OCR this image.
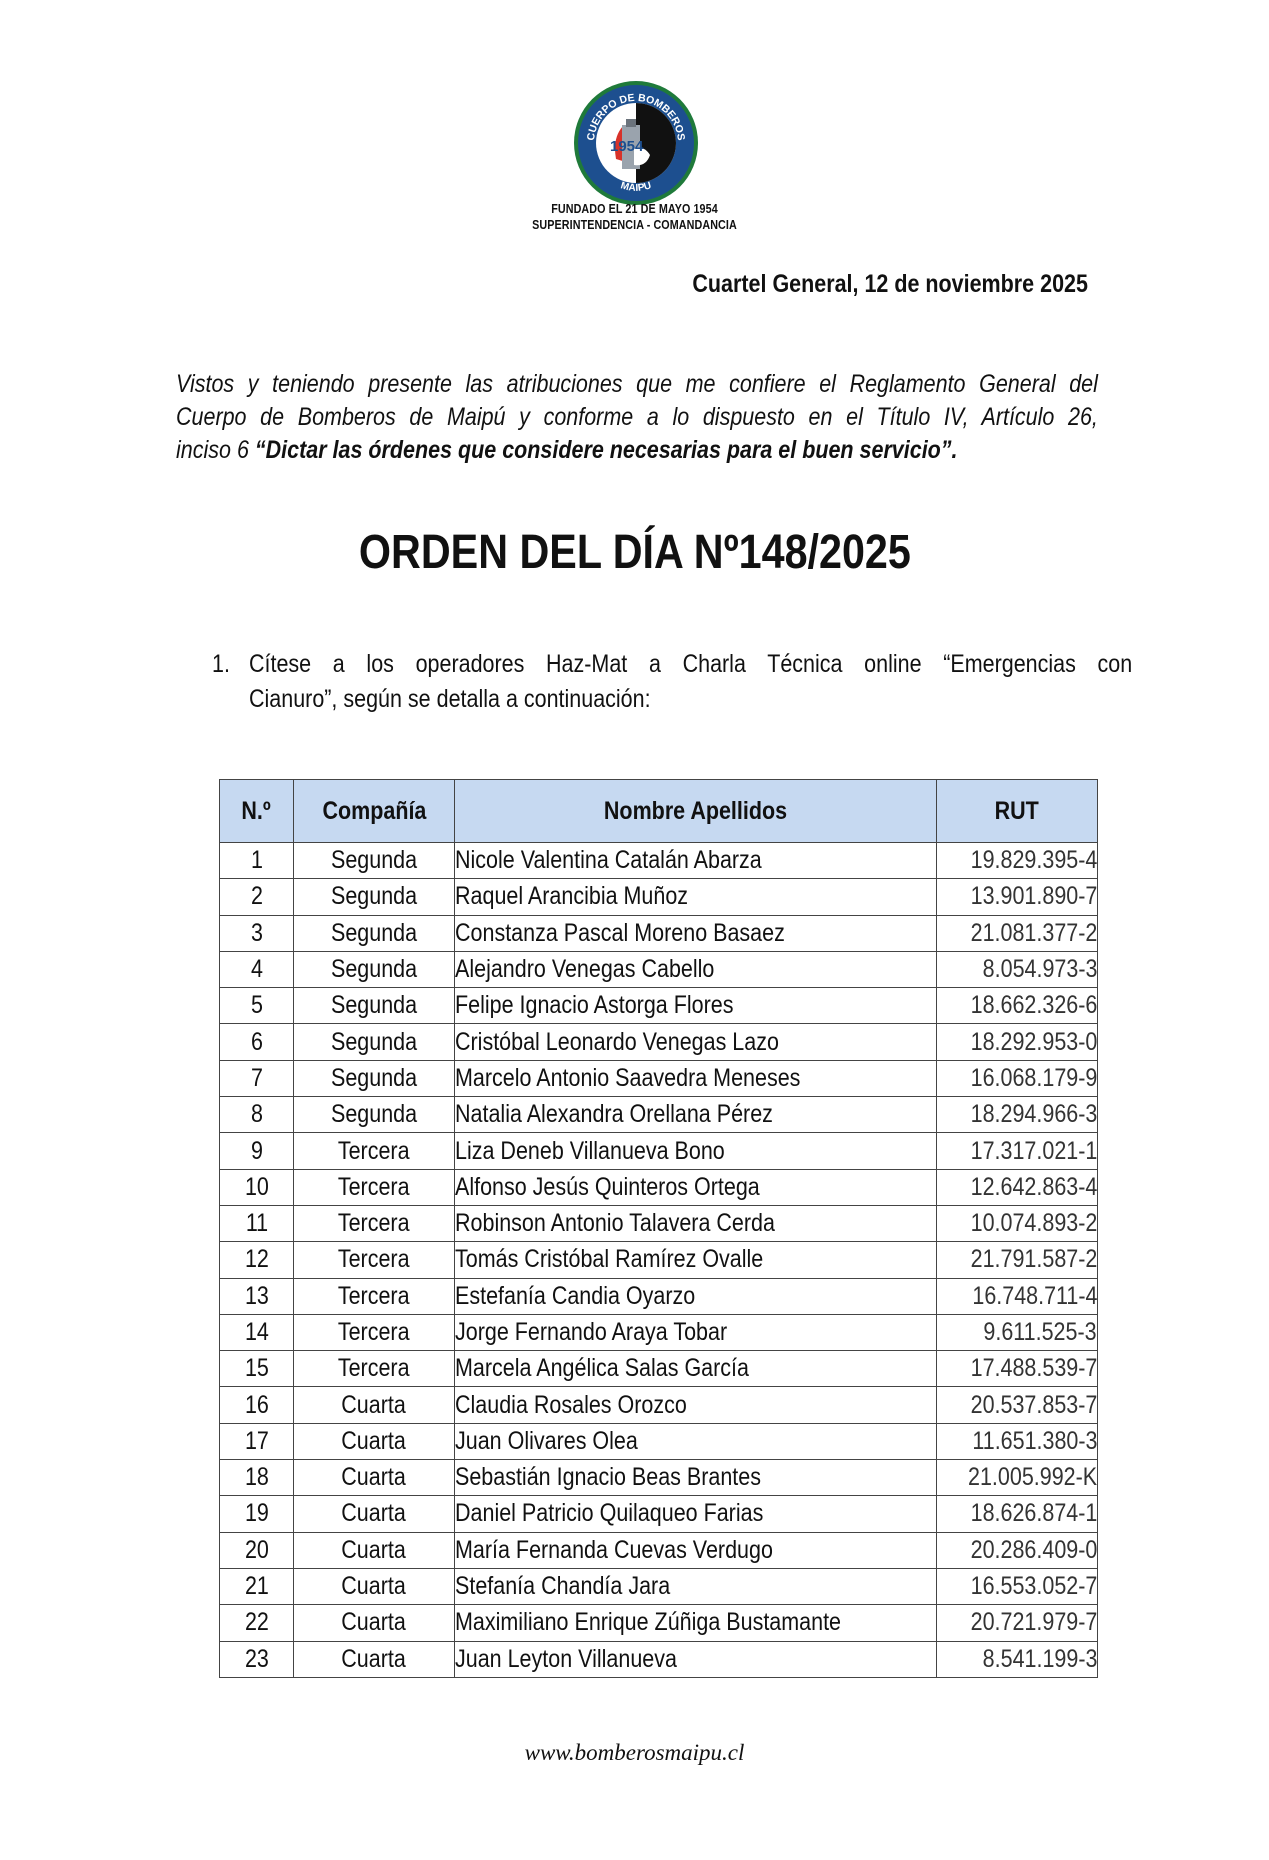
1954
CUERPO DE BOMBEROS
MAIPU
FUNDADO EL 21 DE MAYO 1954
SUPERINTENDENCIA - COMANDANCIA
Cuartel General, 12 de noviembre 2025
Vistos y teniendo presente las atribuciones que me confiere el Reglamento General del
Cuerpo de Bomberos de Maipú y conforme a lo dispuesto en el Título IV, Artículo 26,
inciso 6 “Dictar las órdenes que considere necesarias para el buen servicio”.
ORDEN DEL DÍA Nº148/2025
1. Cítese a los operadores Haz-Mat a Charla Técnica online “Emergencias con
Cianuro”, según se detalla a continuación:
N.º	Compañía	Nombre Apellidos	RUT
1	Segunda	Nicole Valentina Catalán Abarza	19.829.395-4
2	Segunda	Raquel Arancibia Muñoz	13.901.890-7
3	Segunda	Constanza Pascal Moreno Basaez	21.081.377-2
4	Segunda	Alejandro Venegas Cabello	8.054.973-3
5	Segunda	Felipe Ignacio Astorga Flores	18.662.326-6
6	Segunda	Cristóbal Leonardo Venegas Lazo	18.292.953-0
7	Segunda	Marcelo Antonio Saavedra Meneses	16.068.179-9
8	Segunda	Natalia Alexandra Orellana Pérez	18.294.966-3
9	Tercera	Liza Deneb Villanueva Bono	17.317.021-1
10	Tercera	Alfonso Jesús Quinteros Ortega	12.642.863-4
11	Tercera	Robinson Antonio Talavera Cerda	10.074.893-2
12	Tercera	Tomás Cristóbal Ramírez Ovalle	21.791.587-2
13	Tercera	Estefanía Candia Oyarzo	16.748.711-4
14	Tercera	Jorge Fernando Araya Tobar	9.611.525-3
15	Tercera	Marcela Angélica Salas García	17.488.539-7
16	Cuarta	Claudia Rosales Orozco	20.537.853-7
17	Cuarta	Juan Olivares Olea	11.651.380-3
18	Cuarta	Sebastián Ignacio Beas Brantes	21.005.992-K
19	Cuarta	Daniel Patricio Quilaqueo Farias	18.626.874-1
20	Cuarta	María Fernanda Cuevas Verdugo	20.286.409-0
21	Cuarta	Stefanía Chandía Jara	16.553.052-7
22	Cuarta	Maximiliano Enrique Zúñiga Bustamante	20.721.979-7
23	Cuarta	Juan Leyton Villanueva	8.541.199-3
www.bomberosmaipu.cl
